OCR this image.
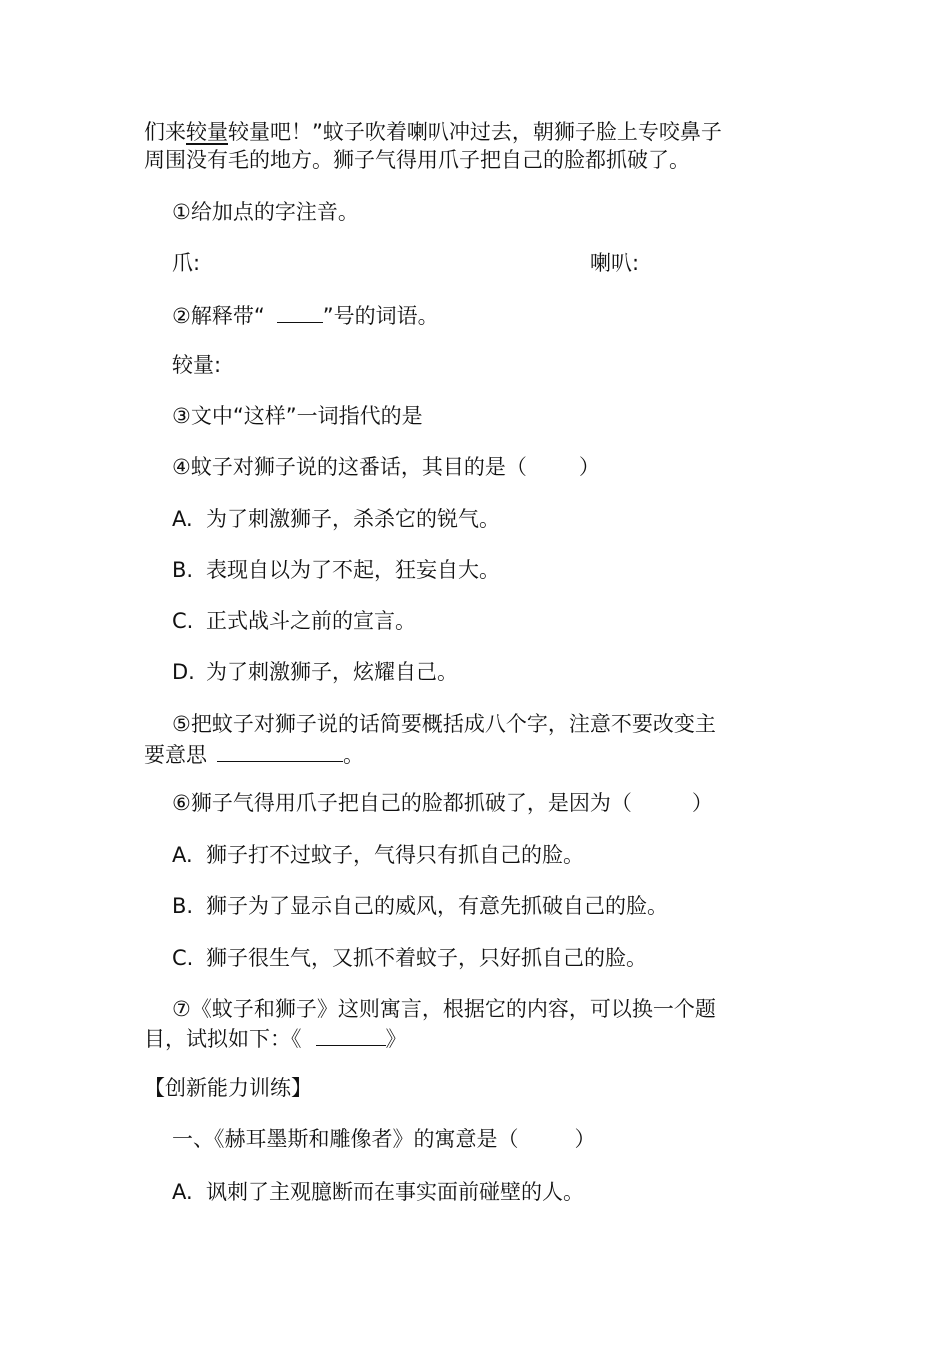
们来较量较量吧！”蚊子吹着喇叭冲过去，朝狮子脸上专咬鼻子
周围没有毛的地方。狮子气得用爪子把自己的脸都抓破了。
①给加点的字注音。
爪:	喇叭:
②解释带“	”号的词语。
较量:
③文中“这样”一词指代的是
④蚊子对狮子说的这番话，其目的是（ ）
A. 为了刺激狮子，杀杀它的锐气。
B. 表现自以为了不起，狂妄自大。
C. 正式战斗之前的宣言。
D. 为了刺激狮子，炫耀自己。
⑤把蚊子对狮子说的话简要概括成八个字，注意不要改变主
要意思	。
⑥狮子气得用爪子把自己的脸都抓破了，是因为（	）
A. 狮子打不过蚊子，气得只有抓自己的脸。
B. 狮子为了显示自己的威风，有意先抓破自己的脸。
C. 狮子很生气，又抓不着蚊子，只好抓自己的脸。
⑦《蚊子和狮子》这则寓言，根据它的内容，可以换一个题
目，试拟如下：《	》
【创新能力训练】
一、《赫耳墨斯和雕像者》的寓意是（	）
A. 讽刺了主观臆断而在事实面前碰壁的人。
